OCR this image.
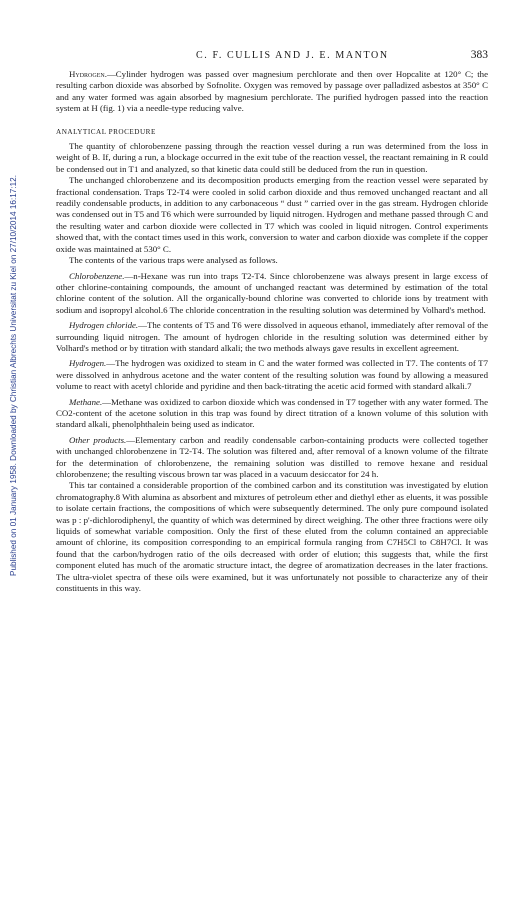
Published on 01 January 1958. Downloaded by Christian Albrechts Universitat zu Kiel on 27/10/2014 16:17:12.
C. F. CULLIS AND J. E. MANTON	383

Hydrogen.—Cylinder hydrogen was passed over magnesium perchlorate and then over Hopcalite at 120° C; the resulting carbon dioxide was absorbed by Sofnolite. Oxygen was removed by passage over palladized asbestos at 350° C and any water formed was again absorbed by magnesium perchlorate. The purified hydrogen passed into the reaction system at H (fig. 1) via a needle-type reducing valve.

ANALYTICAL PROCEDURE

The quantity of chlorobenzene passing through the reaction vessel during a run was determined from the loss in weight of B. If, during a run, a blockage occurred in the exit tube of the reaction vessel, the reactant remaining in R could be condensed out in T1 and analyzed, so that kinetic data could still be deduced from the run in question.

The unchanged chlorobenzene and its decomposition products emerging from the reaction vessel were separated by fractional condensation. Traps T2-T4 were cooled in solid carbon dioxide and thus removed unchanged reactant and all readily condensable products, in addition to any carbonaceous “ dust ” carried over in the gas stream. Hydrogen chloride was condensed out in T5 and T6 which were surrounded by liquid nitrogen. Hydrogen and methane passed through C and the resulting water and carbon dioxide were collected in T7 which was cooled in liquid nitrogen. Control experiments showed that, with the contact times used in this work, conversion to water and carbon dioxide was complete if the copper oxide was maintained at 530° C.

The contents of the various traps were analysed as follows.

Chlorobenzene.—n-Hexane was run into traps T2-T4. Since chlorobenzene was always present in large excess of other chlorine-containing compounds, the amount of unchanged reactant was determined by estimation of the total chlorine content of the solution. All the organically-bound chlorine was converted to chloride ions by treatment with sodium and isopropyl alcohol.6 The chloride concentration in the resulting solution was determined by Volhard's method.

Hydrogen chloride.—The contents of T5 and T6 were dissolved in aqueous ethanol, immediately after removal of the surrounding liquid nitrogen. The amount of hydrogen chloride in the resulting solution was determined either by Volhard's method or by titration with standard alkali; the two methods always gave results in excellent agreement.

Hydrogen.—The hydrogen was oxidized to steam in C and the water formed was collected in T7. The contents of T7 were dissolved in anhydrous acetone and the water content of the resulting solution was found by allowing a measured volume to react with acetyl chloride and pyridine and then back-titrating the acetic acid formed with standard alkali.7

Methane.—Methane was oxidized to carbon dioxide which was condensed in T7 together with any water formed. The CO2-content of the acetone solution in this trap was found by direct titration of a known volume of this solution with standard alkali, phenolphthalein being used as indicator.

Other products.—Elementary carbon and readily condensable carbon-containing products were collected together with unchanged chlorobenzene in T2-T4. The solution was filtered and, after removal of a known volume of the filtrate for the determination of chlorobenzene, the remaining solution was distilled to remove hexane and residual chlorobenzene; the resulting viscous brown tar was placed in a vacuum desiccator for 24 h.

This tar contained a considerable proportion of the combined carbon and its constitution was investigated by elution chromatography.8 With alumina as absorbent and mixtures of petroleum ether and diethyl ether as eluents, it was possible to isolate certain fractions, the compositions of which were subsequently determined. The only pure compound isolated was p : p'-dichlorodiphenyl, the quantity of which was determined by direct weighing. The other three fractions were oily liquids of somewhat variable composition. Only the first of these eluted from the column contained an appreciable amount of chlorine, its composition corresponding to an empirical formula ranging from C7H5Cl to C8H7Cl. It was found that the carbon/hydrogen ratio of the oils decreased with order of elution; this suggests that, while the first component eluted has much of the aromatic structure intact, the degree of aromatization decreases in the later fractions. The ultra-violet spectra of these oils were examined, but it was unfortunately not possible to characterize any of their constituents in this way.
